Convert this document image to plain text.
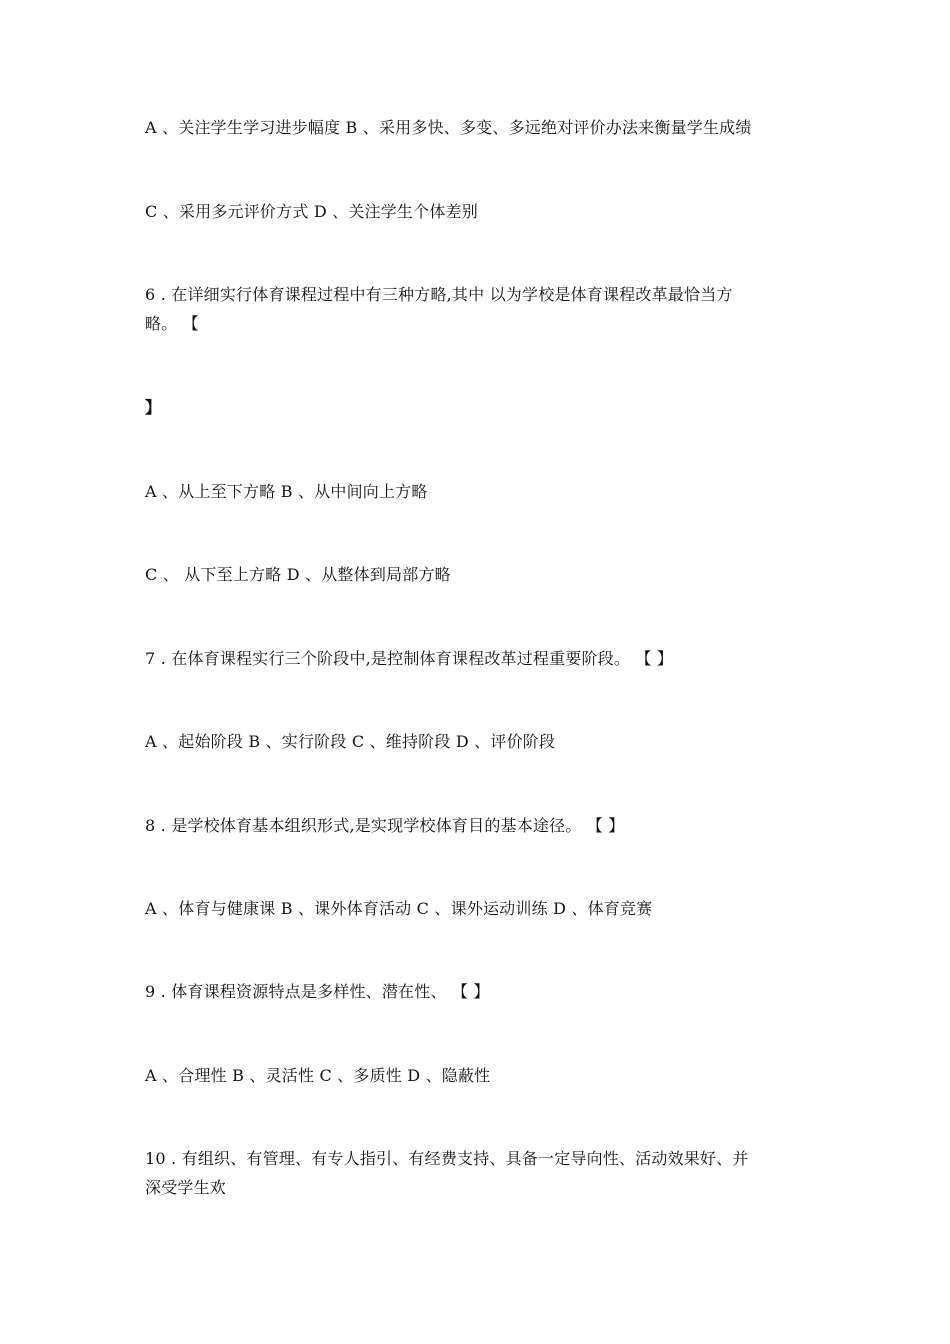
A 、关注学生学习进步幅度 B 、采用多快、多变、多远绝对评价办法来衡量学生成绩
C 、采用多元评价方式 D 、关注学生个体差别
6 . 在详细实行体育课程过程中有三种方略,其中 以为学校是体育课程改革最恰当方
略。 【
】
A 、从上至下方略 B 、从中间向上方略
C 、 从下至上方略 D 、从整体到局部方略
7 . 在体育课程实行三个阶段中,是控制体育课程改革过程重要阶段。 【 】
A 、起始阶段 B 、实行阶段 C 、维持阶段 D 、评价阶段
8 . 是学校体育基本组织形式,是实现学校体育目的基本途径。 【 】
A 、体育与健康课 B 、课外体育活动 C 、课外运动训练 D 、体育竞赛
9 . 体育课程资源特点是多样性、潜在性、 【 】
A 、合理性 B 、灵活性 C 、多质性 D 、隐蔽性
10 . 有组织、有管理、有专人指引、有经费支持、具备一定导向性、活动效果好、并
深受学生欢
